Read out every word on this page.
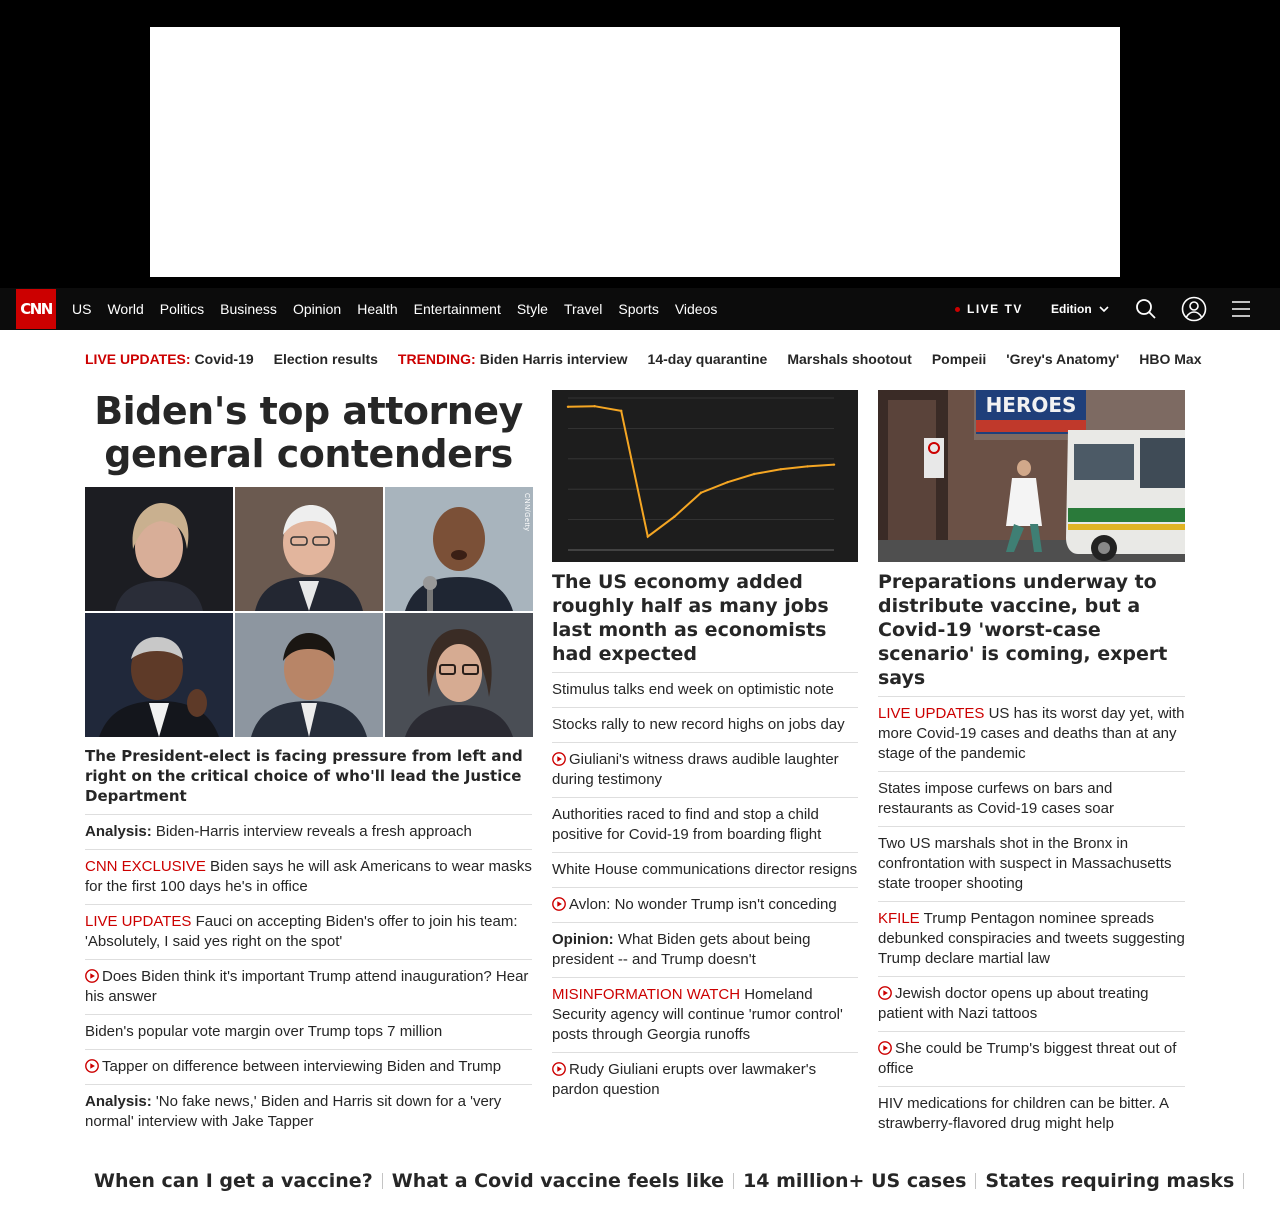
CNN	US	World	Politics	Business	Opinion	Health	Entertainment	Style	Travel	Sports	Videos	LIVE TV Edition
LIVE UPDATES: Covid-19 Election results TRENDING: Biden Harris interview 14-day quarantine Marshals shootout Pompeii 'Grey's Anatomy' HBO Max
Biden's top attorney general contenders
CNN/Getty
The President-elect is facing pressure from left and right on the critical choice of who'll lead the Justice Department
Analysis: Biden-Harris interview reveals a fresh approach
CNN EXCLUSIVE Biden says he will ask Americans to wear masks for the first 100 days he's in office
LIVE UPDATES Fauci on accepting Biden's offer to join his team: 'Absolutely, I said yes right on the spot'
Does Biden think it's important Trump attend inauguration? Hear his answer
Biden's popular vote margin over Trump tops 7 million
Tapper on difference between interviewing Biden and Trump
Analysis: 'No fake news,' Biden and Harris sit down for a 'very normal' interview with Jake Tapper
The US economy added roughly half as many jobs last month as economists had expected
Stimulus talks end week on optimistic note
Stocks rally to new record highs on jobs day
Giuliani's witness draws audible laughter during testimony
Authorities raced to find and stop a child positive for Covid-19 from boarding flight
White House communications director resigns
Avlon: No wonder Trump isn't conceding
Opinion: What Biden gets about being president -- and Trump doesn't
MISINFORMATION WATCH Homeland Security agency will continue 'rumor control' posts through Georgia runoffs
Rudy Giuliani erupts over lawmaker's pardon question
HEROES
Preparations underway to distribute vaccine, but a Covid-19 'worst-case scenario' is coming, expert says
LIVE UPDATES US has its worst day yet, with more Covid-19 cases and deaths than at any stage of the pandemic
States impose curfews on bars and restaurants as Covid-19 cases soar
Two US marshals shot in the Bronx in confrontation with suspect in Massachusetts state trooper shooting
KFILE Trump Pentagon nominee spreads debunked conspiracies and tweets suggesting Trump declare martial law
Jewish doctor opens up about treating patient with Nazi tattoos
She could be Trump's biggest threat out of office
HIV medications for children can be bitter. A strawberry-flavored drug might help
When can I get a vaccine? What a Covid vaccine feels like 14 million+ US cases States requiring masks
